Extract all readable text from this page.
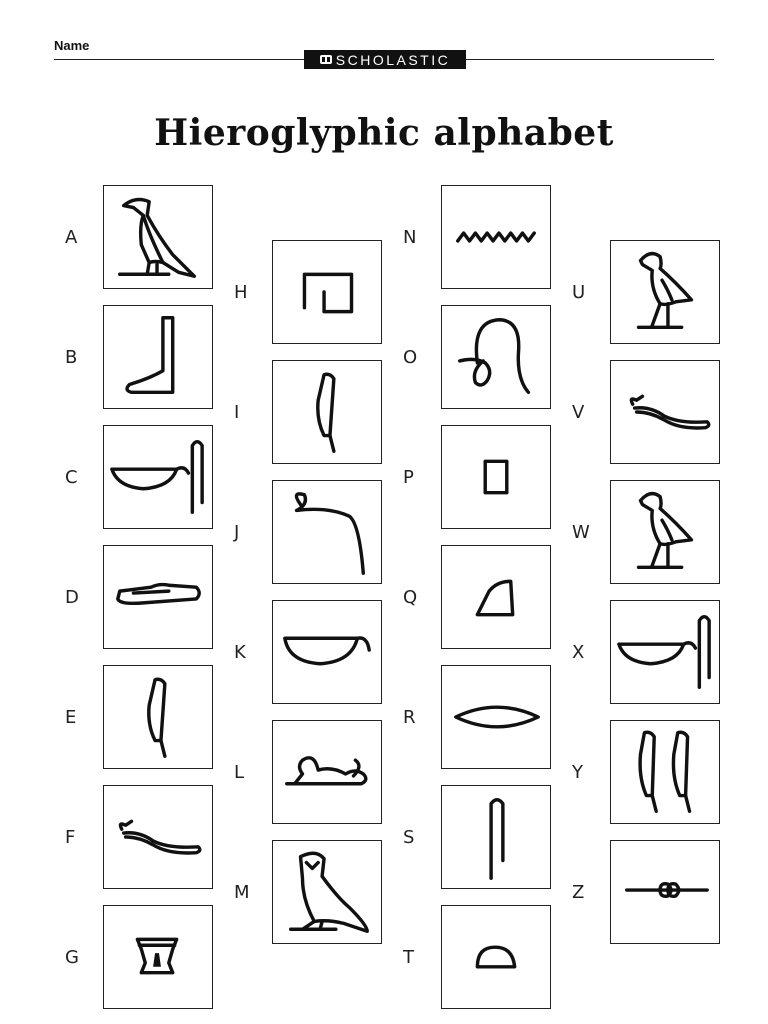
Name
SCHOLASTIC
Hieroglyphic alphabet
A
B
C
D
E
F
G
H
I
J
K
L
M
N
O
P
Q
R
S
T
U
V
W
X
Y
Z
